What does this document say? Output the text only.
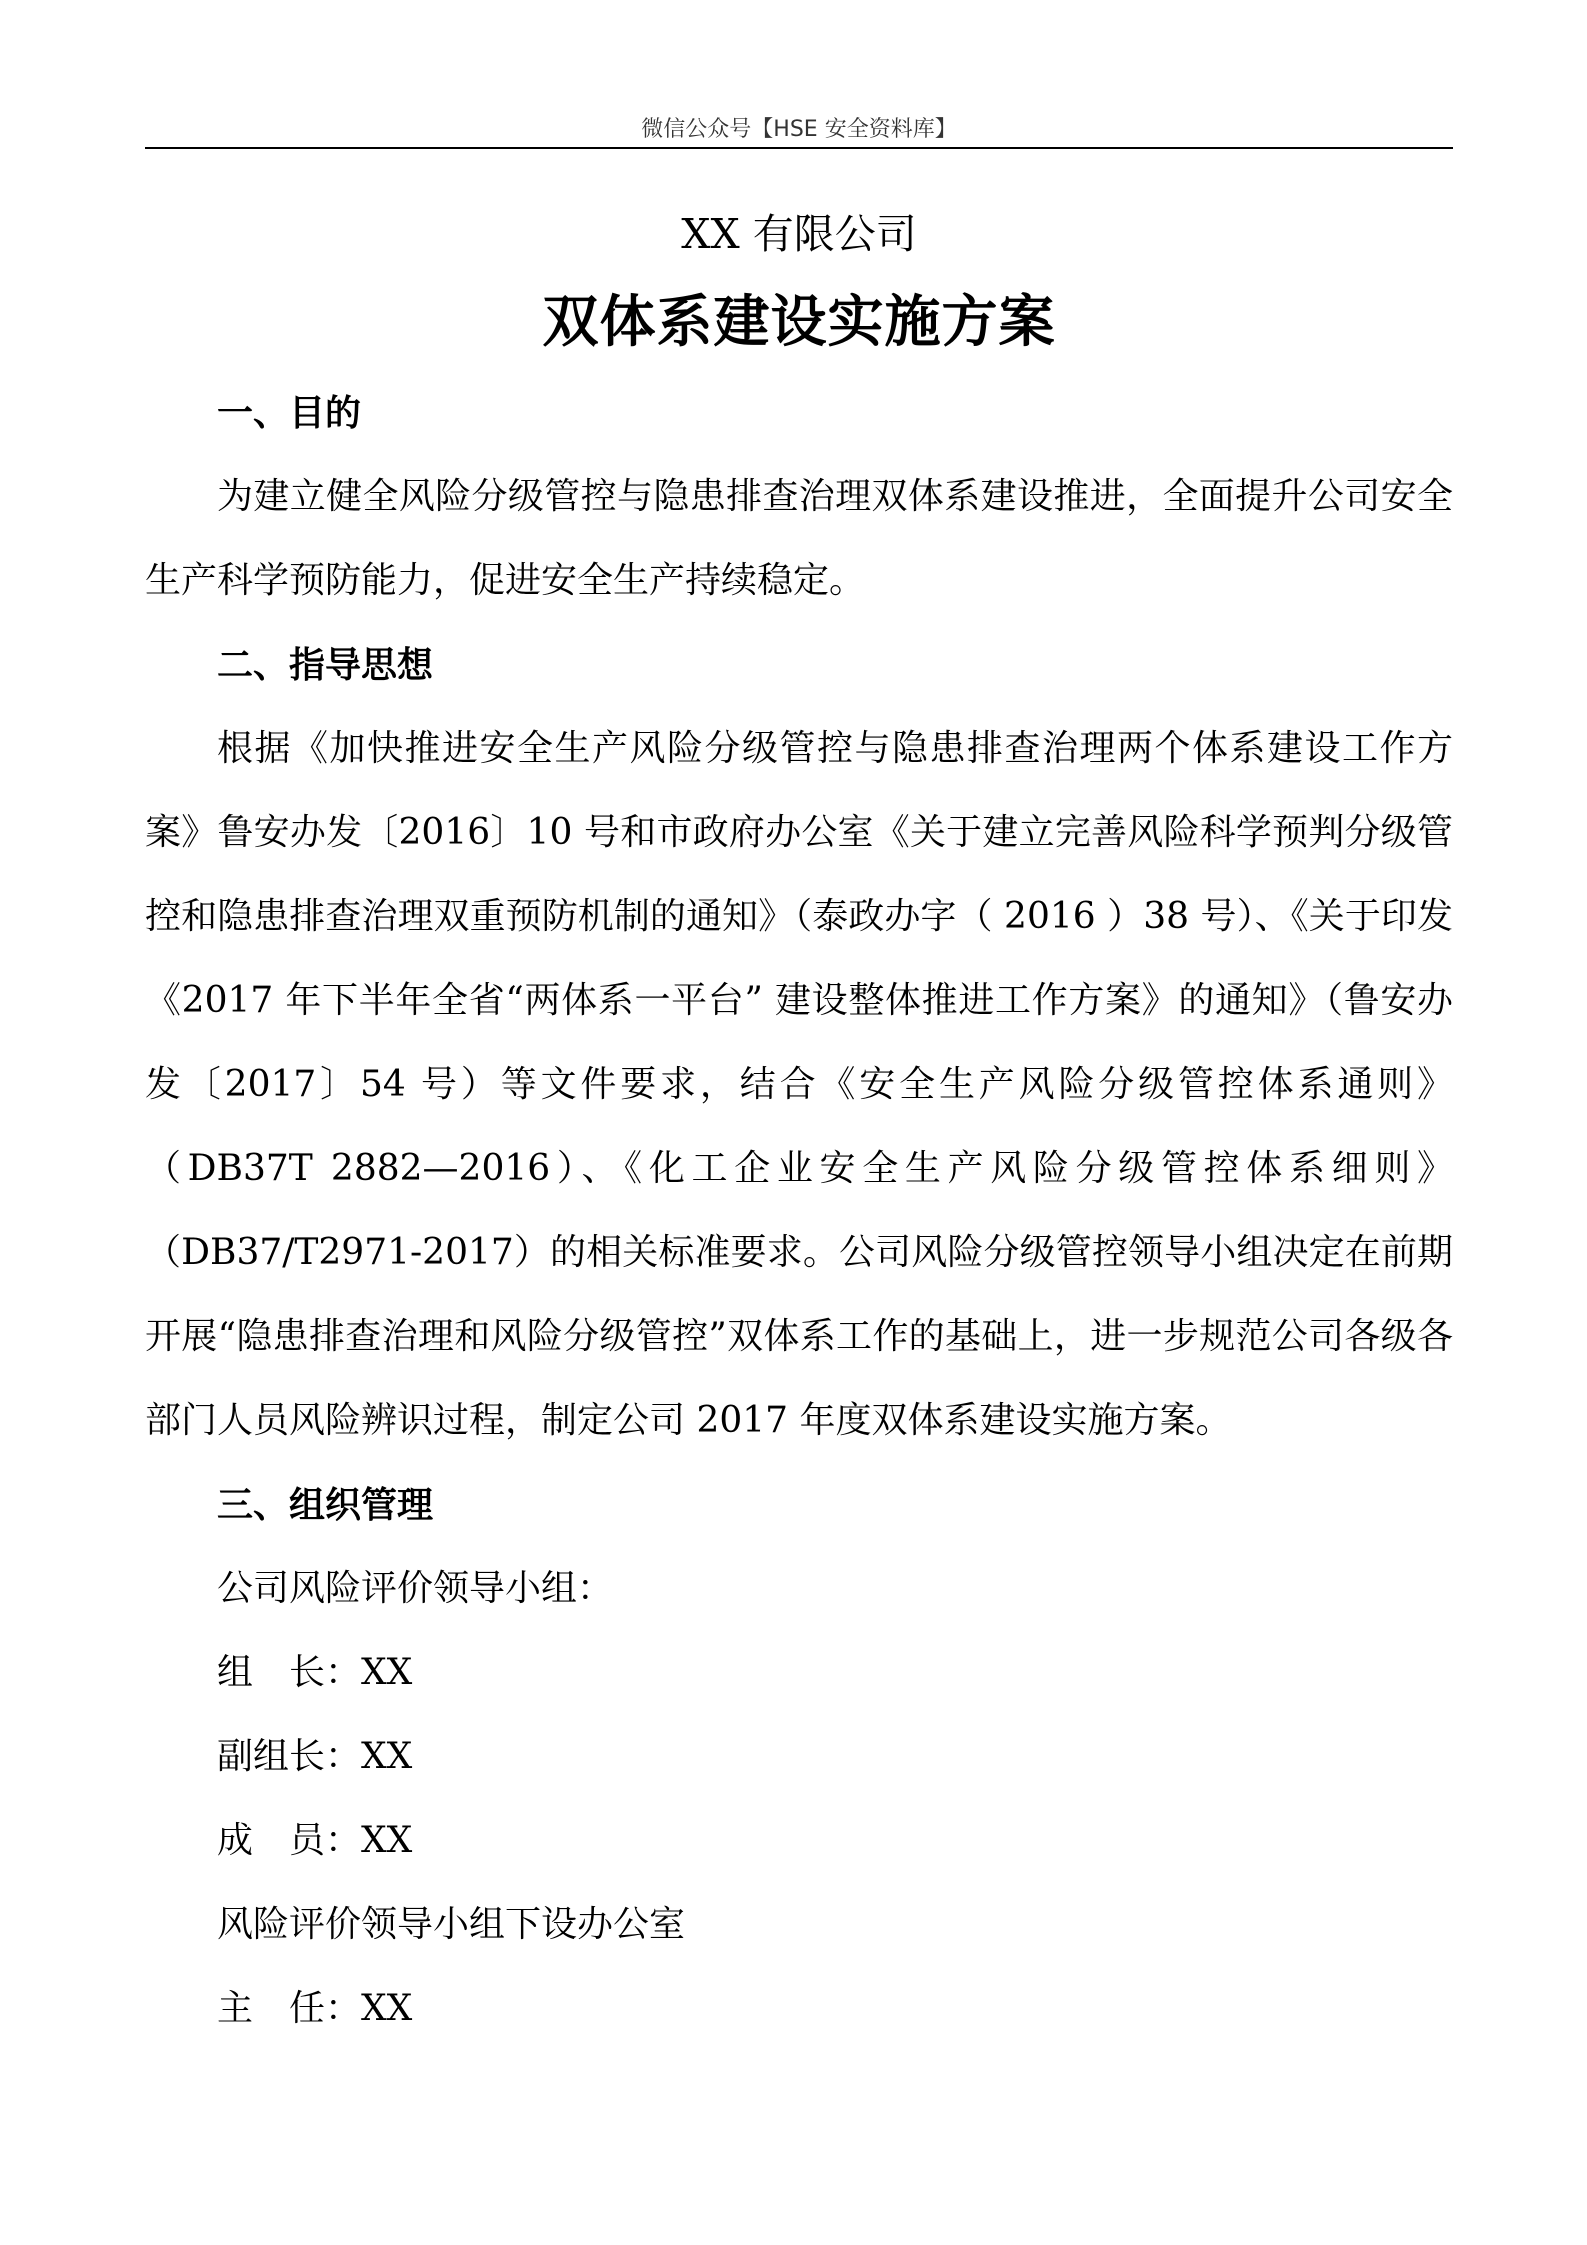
微信公众号【HSE 安全资料库】
XX 有限公司
双体系建设实施方案

一、目的

为建立健全风险分级管控与隐患排查治理双体系建设推进，全面提升公司安全生产科学预防能力，促进安全生产持续稳定。

二、指导思想

根据《加快推进安全生产风险分级管控与隐患排查治理两个体系建设工作方案》鲁安办发〔2016〕10 号和市政府办公室《关于建立完善风险科学预判分级管控和隐患排查治理双重预防机制的通知》（泰政办字（ 2016 ）38 号）、《关于印发《2017 年下半年全省“两体系一平台” 建设整体推进工作方案》的通知》（鲁安办发〔2017〕54 号）等文件要求，结合《安全生产风险分级管控体系通则》（DB37T 2882—2016）、《化工企业安全生产风险分级管控体系细则》（DB37/T2971-2017）的相关标准要求。公司风险分级管控领导小组决定在前期开展“隐患排查治理和风险分级管控”双体系工作的基础上，进一步规范公司各级各部门人员风险辨识过程，制定公司 2017 年度双体系建设实施方案。

三、组织管理

公司风险评价领导小组：

组　长：XX

副组长：XX

成　员：XX

风险评价领导小组下设办公室

主　任：XX
